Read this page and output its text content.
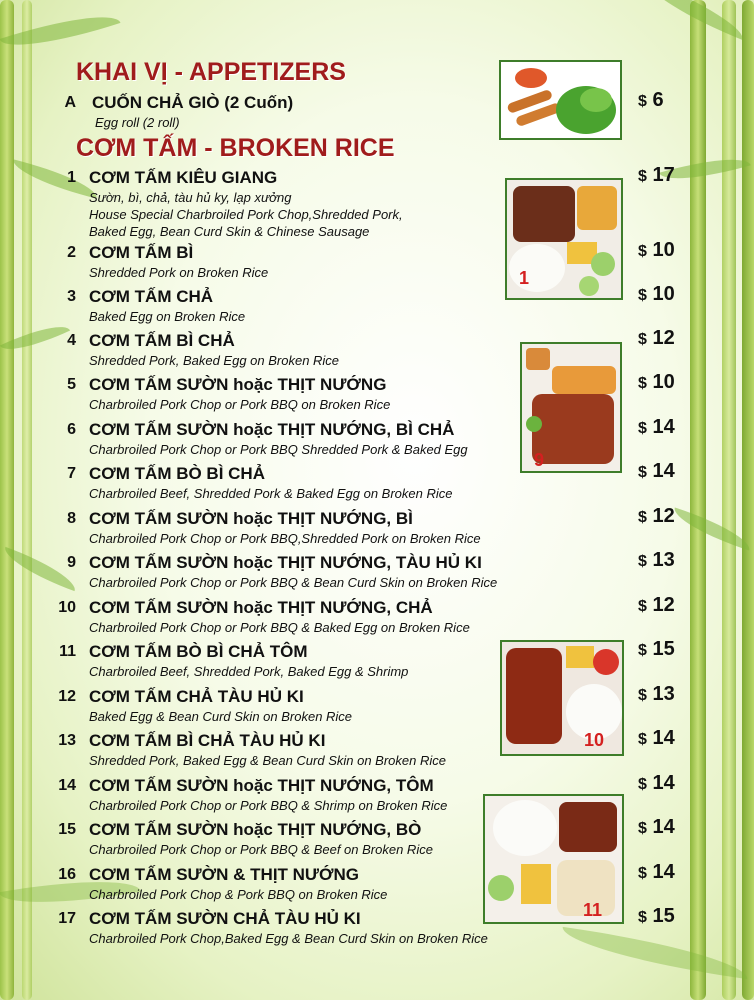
KHAI VỊ - APPETIZERS
CƠM TẤM - BROKEN RICE
A CUỐN CHẢ GIÒ (2 Cuốn)
Egg roll (2 roll)
$ 6
1 CƠM TẤM KIÊU GIANG
Sườn, bì, chả, tàu hủ ky, lạp xưởng
House Special Charbroiled Pork Chop,Shredded Pork,
Baked Egg, Bean Curd Skin & Chinese Sausage
$ 17
2 CƠM TẤM BÌ
Shredded Pork on Broken Rice
$ 10
3 CƠM TẤM CHẢ
Baked Egg on Broken Rice
$ 10
4 CƠM TẤM BÌ CHẢ
Shredded Pork, Baked Egg on Broken Rice
$ 12
5 CƠM TẤM SƯỜN hoặc THỊT NƯỚNG
Charbroiled Pork Chop or Pork BBQ on Broken Rice
$ 10
6 CƠM TẤM SƯỜN hoặc THỊT NƯỚNG, BÌ CHẢ
Charbroiled Pork Chop or Pork BBQ Shredded Pork & Baked Egg
$ 14
7 CƠM TẤM BÒ BÌ CHẢ
Charbroiled Beef, Shredded Pork & Baked Egg on Broken Rice
$ 14
8 CƠM TẤM SƯỜN hoặc THỊT NƯỚNG, BÌ
Charbroiled Pork Chop or Pork BBQ,Shredded Pork on Broken Rice
$ 12
9 CƠM TẤM SƯỜN hoặc THỊT NƯỚNG, TÀU HỦ KI
Charbroiled Pork Chop or Pork BBQ & Bean Curd Skin on Broken Rice
$ 13
10 CƠM TẤM SƯỜN hoặc THỊT NƯỚNG, CHẢ
Charbroiled Pork Chop or Pork BBQ & Baked Egg on Broken Rice
$ 12
11 CƠM TẤM BÒ BÌ CHẢ TÔM
Charbroiled Beef, Shredded Pork, Baked Egg & Shrimp
$ 15
12 CƠM TẤM CHẢ TÀU HỦ KI
Baked Egg & Bean Curd Skin on Broken Rice
$ 13
13 CƠM TẤM BÌ CHẢ TÀU HỦ KI
Shredded Pork, Baked Egg & Bean Curd Skin on Broken Rice
$ 14
14 CƠM TẤM SƯỜN hoặc THỊT NƯỚNG, TÔM
Charbroiled Pork Chop or Pork BBQ & Shrimp on Broken Rice
$ 14
15 CƠM TẤM SƯỜN hoặc THỊT NƯỚNG, BÒ
Charbroiled Pork Chop or Pork BBQ & Beef on Broken Rice
$ 14
16 CƠM TẤM SƯỜN & THỊT NƯỚNG
Charbroiled Pork Chop & Pork BBQ on Broken Rice
$ 14
17 CƠM TẤM SƯỜN CHẢ TÀU HỦ KI
Charbroiled Pork Chop,Baked Egg & Bean Curd Skin on Broken Rice
$ 15
1
9
10
11
